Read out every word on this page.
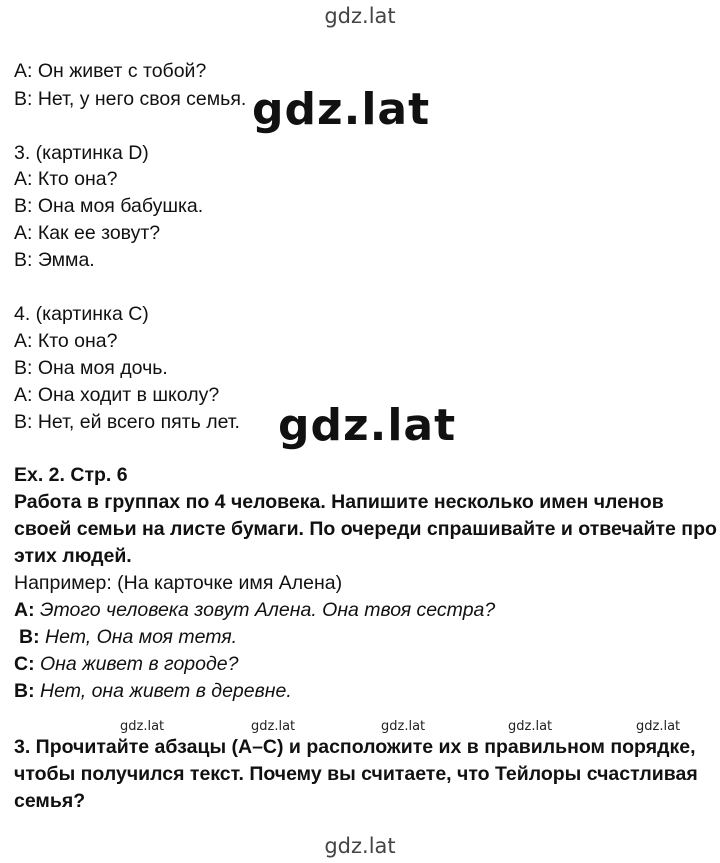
gdz.lat
gdz.lat
gdz.lat
gdz.lat	gdz.lat	gdz.lat	gdz.lat	gdz.lat
gdz.lat
A: Он живет с тобой?
B: Нет, у него своя семья.
3. (картинка D)
A: Кто она?
B: Она моя бабушка.
A: Как ее зовут?
B: Эмма.
4. (картинка C)
A: Кто она?
B: Она моя дочь.
A: Она ходит в школу?
B: Нет, ей всего пять лет.
Ex. 2. Стр. 6
Работа в группах по 4 человека. Напишите несколько имен членов
своей семьи на листе бумаги. По очереди спрашивайте и отвечайте про
этих людей.
Например: (На карточке имя Алена)
A: Этого человека зовут Алена. Она твоя сестра?
B: Нет, Она моя тетя.
C: Она живет в городе?
B: Нет, она живет в деревне.
3. Прочитайте абзацы (A–C) и расположите их в правильном порядке,
чтобы получился текст. Почему вы считаете, что Тейлоры счастливая
семья?
